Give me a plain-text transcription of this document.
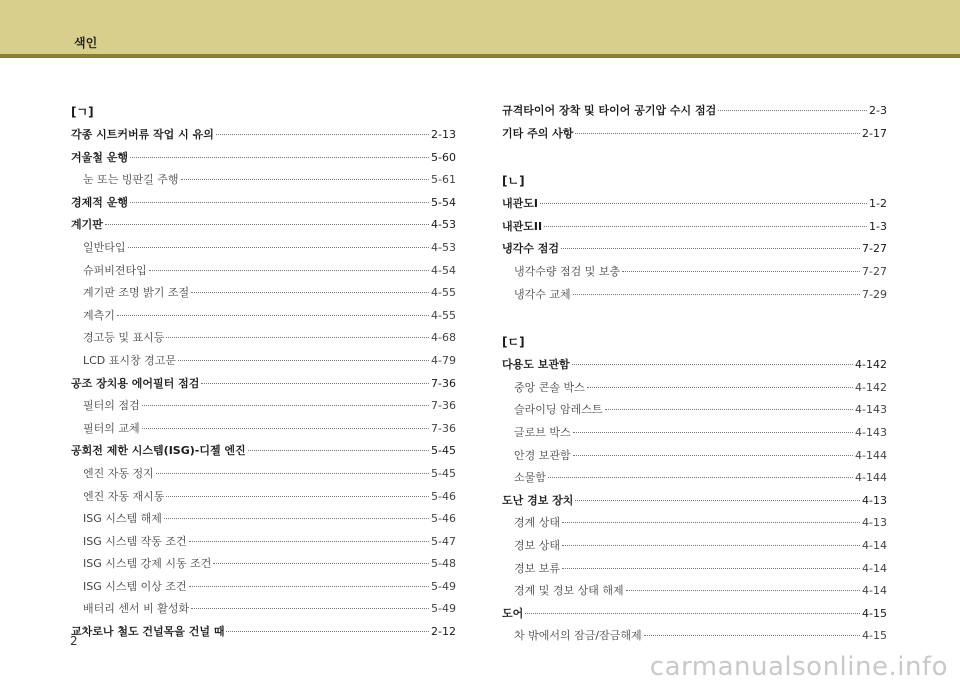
색인
[ㄱ]
각종 시트커버류 작업 시 유의	2-13
겨울철 운행	5-60
눈 또는 빙판길 주행	5-61
경제적 운행	5-54
계기판	4-53
일반타입	4-53
슈퍼비젼타입	4-54
계기판 조명 밝기 조절	4-55
계측기	4-55
경고등 및 표시등	4-68
LCD 표시창 경고문	4-79
공조 장치용 에어필터 점검	7-36
필터의 점검	7-36
필터의 교체	7-36
공회전 제한 시스템(ISG)-디젤 엔진	5-45
엔진 자동 정지	5-45
엔진 자동 재시동	5-46
ISG 시스템 해제	5-46
ISG 시스템 작동 조건	5-47
ISG 시스템 강제 시동 조건	5-48
ISG 시스템 이상 조건	5-49
배터리 센서 비 활성화	5-49
교차로나 철도 건널목을 건널 때	2-12
규격타이어 장착 및 타이어 공기압 수시 점검	2-3
기타 주의 사항	2-17
[ㄴ]
내관도I	1-2
내관도II	1-3
냉각수 점검	7-27
냉각수량 점검 및 보충	7-27
냉각수 교체	7-29
[ㄷ]
다용도 보관함	4-142
중앙 콘솔 박스	4-142
슬라이딩 암레스트	4-143
글로브 박스	4-143
안경 보관함	4-144
소물함	4-144
도난 경보 장치	4-13
경계 상태	4-13
경보 상태	4-14
경보 보류	4-14
경계 및 경보 상태 해제	4-14
도어	4-15
차 밖에서의 잠금/잠금해제	4-15
2
carmanualsonline.info
